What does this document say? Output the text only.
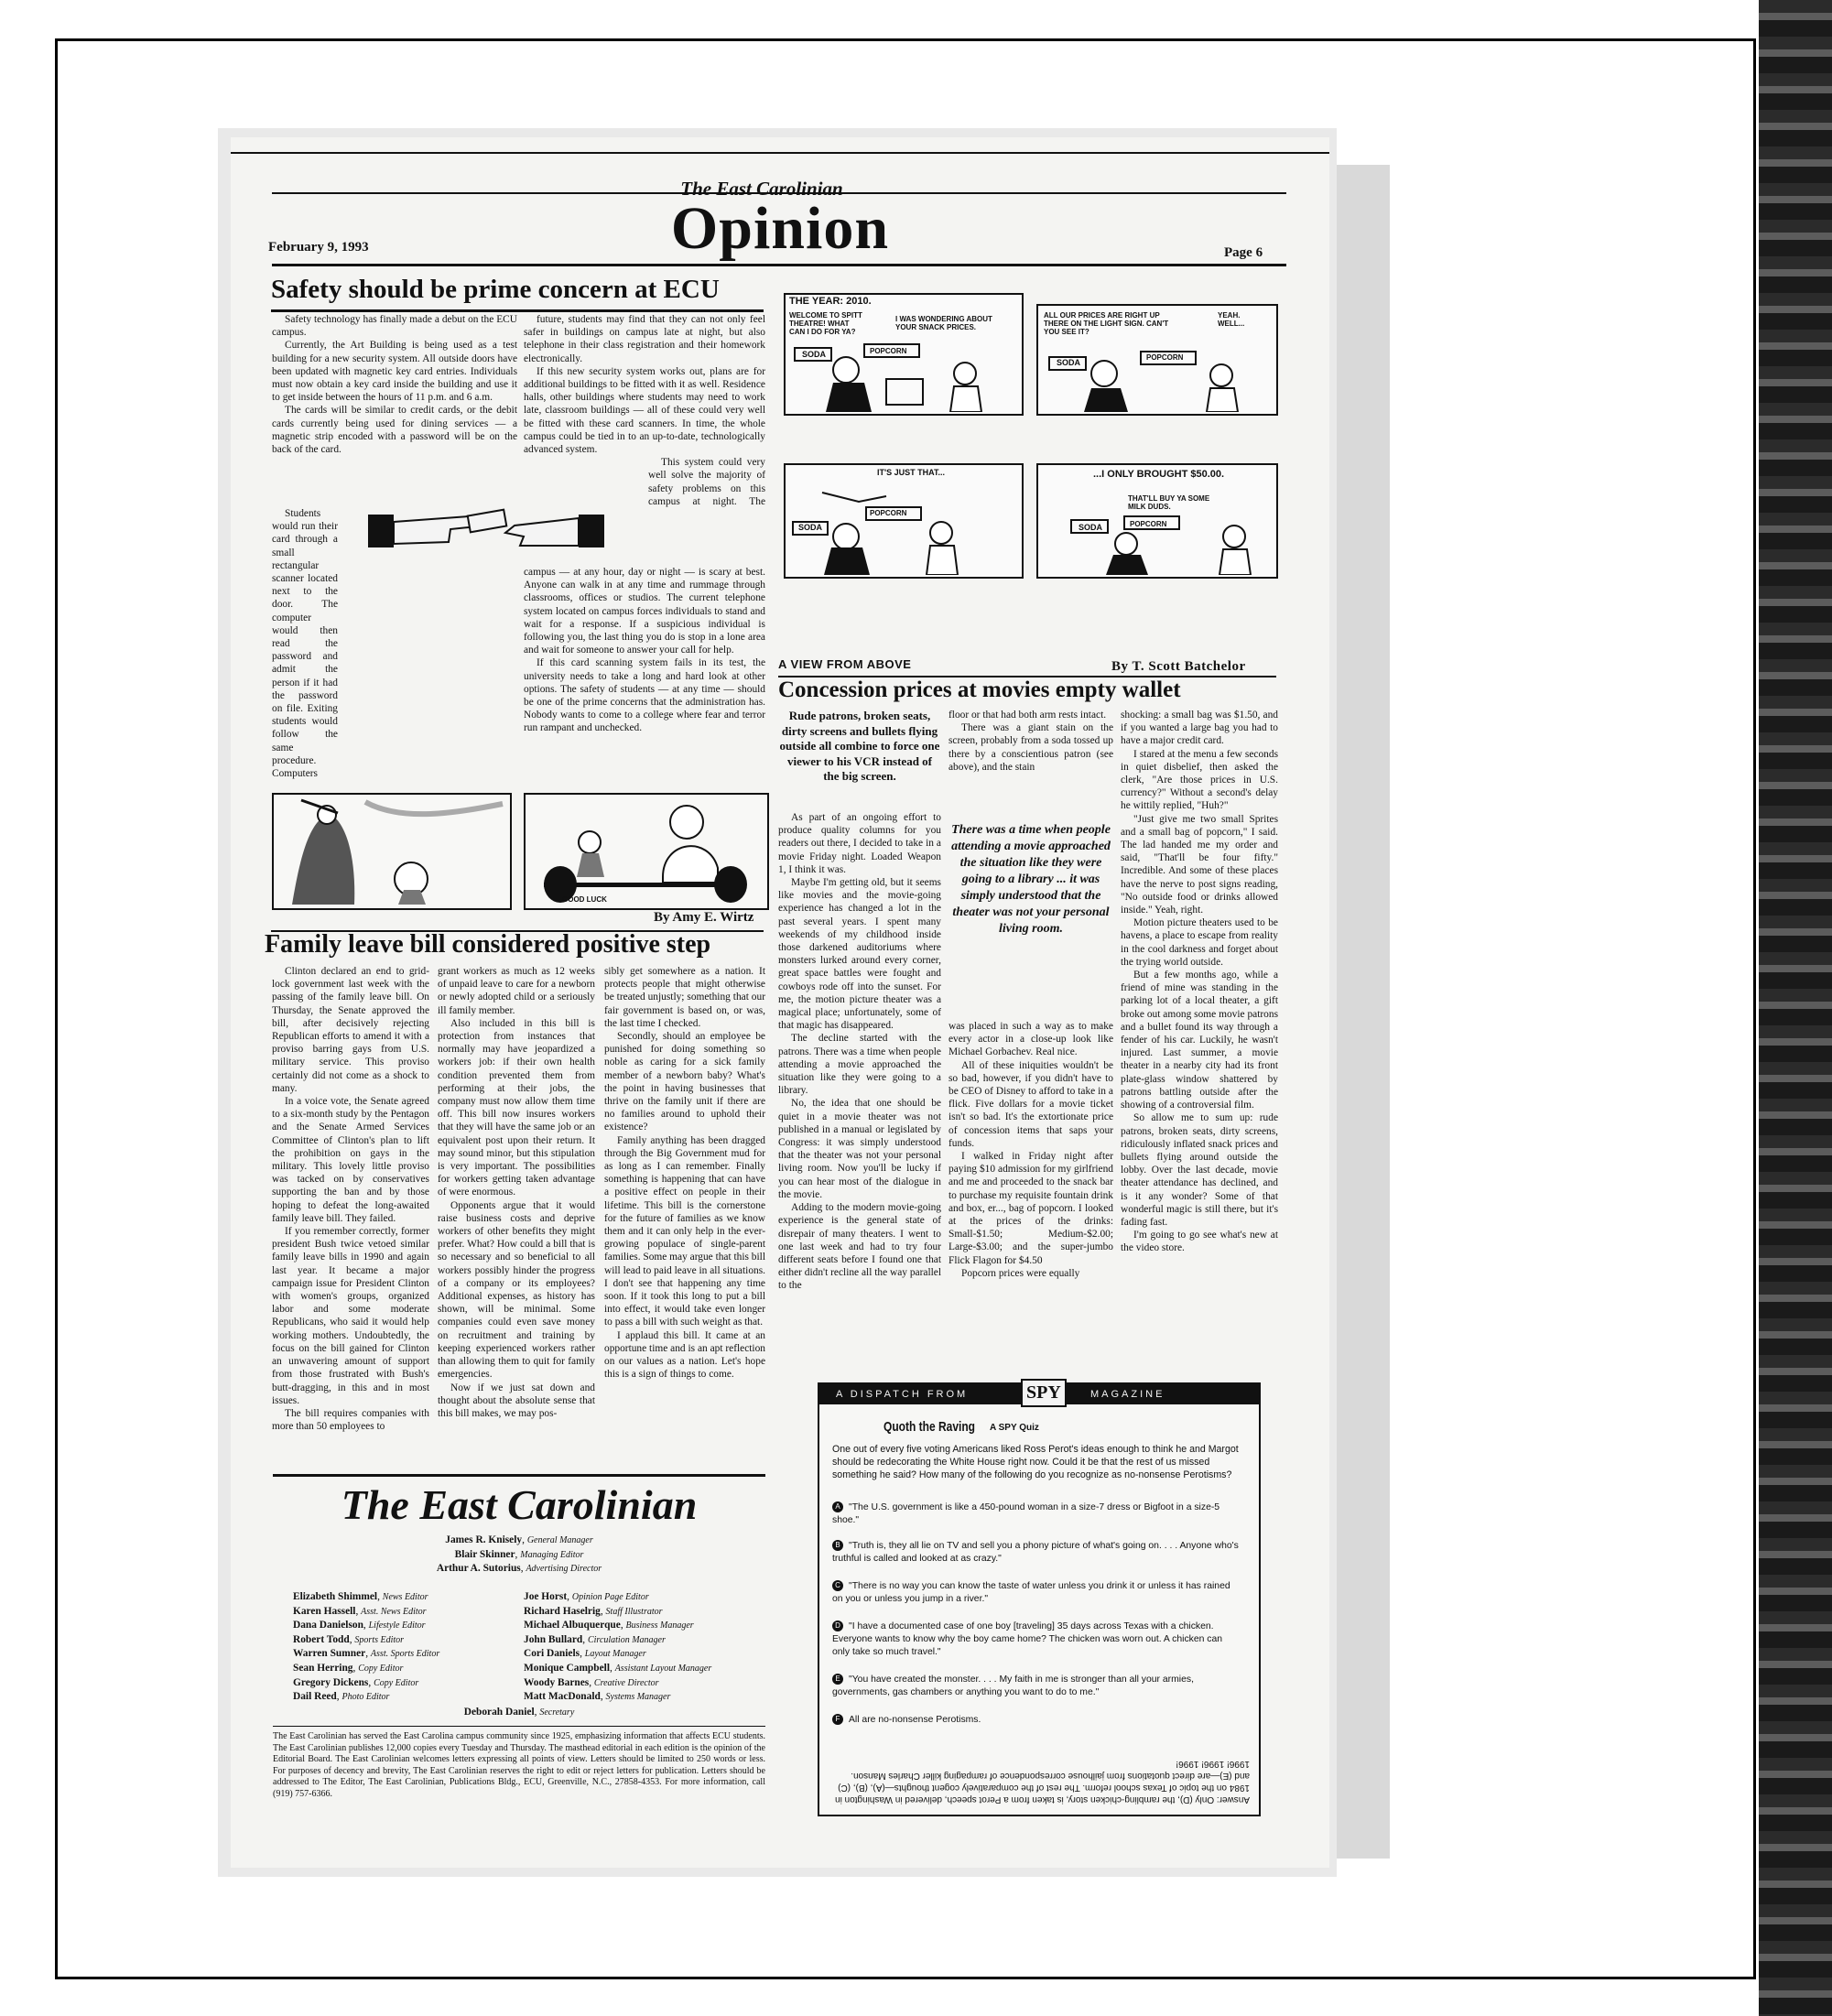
The East Carolinian
Opinion
February 9, 1993	Page 6
Safety should be prime concern at ECU

Safety technology has finally made a debut on the ECU campus.

Currently, the Art Building is being used as a test building for a new security system. All outside doors have been updated with magnetic key card entries. Individuals must now obtain a key card inside the building and use it to get inside between the hours of 11 p.m. and 6 a.m.

The cards will be similar to credit cards, or the debit cards currently being used for dining services — a magnetic strip encoded with a password will be on the back of the card.

Students would run their card through a small rectangular scanner located next to the door. The computer would then read the password and admit the person if it had the password on file. Exiting students would follow the same procedure. Computers

future, students may find that they can not only feel safer in buildings on campus late at night, but also telephone in their class registration and their homework electronically.

If this new security system works out, plans are for additional buildings to be fitted with it as well. Residence halls, other buildings where students may need to work late, classroom buildings — all of these could very well be fitted with these card scanners. In time, the whole campus could be tied in to an up-to-date, technologically advanced system.

This system could very well solve the majority of safety problems on this campus at night. The

campus — at any hour, day or night — is scary at best. Anyone can walk in at any time and rummage through classrooms, offices or studios. The current telephone system located on campus forces individuals to stand and wait for a response. If a suspicious individual is following you, the last thing you do is stop in a lone area and wait for someone to answer your call for help.

If this card scanning system fails in its test, the university needs to take a long and hard look at other options. The safety of students — at any time — should be one of the prime concerns that the administration has. Nobody wants to come to a college where fear and terror run rampant and unchecked.

THE YEAR: 2010.
WELCOME TO SPITT THEATRE! WHAT CAN I DO FOR YA?
I WAS WONDERING ABOUT YOUR SNACK PRICES.
SODA	POPCORN
ALL OUR PRICES ARE RIGHT UP THERE ON THE LIGHT SIGN. CAN'T YOU SEE IT?
YEAH. WELL...
SODA
POPCORN
IT'S JUST THAT...
SODA
POPCORN
...I ONLY BROUGHT $50.00.
THAT'LL BUY YA SOME MILK DUDS.
SODA	POPCORN
GOOD LUCK
By Amy E. Wirtz
Family leave bill considered positive step

Clinton declared an end to grid-lock government last week with the passing of the family leave bill. On Thursday, the Senate approved the bill, after decisively rejecting Republican efforts to amend it with a proviso barring gays from U.S. military service. This proviso certainly did not come as a shock to many.

In a voice vote, the Senate agreed to a six-month study by the Pentagon and the Senate Armed Services Committee of Clinton's plan to lift the prohibition on gays in the military. This lovely little proviso was tacked on by conservatives supporting the ban and by those hoping to defeat the long-awaited family leave bill. They failed.

If you remember correctly, former president Bush twice vetoed similar family leave bills in 1990 and again last year. It became a major campaign issue for President Clinton with women's groups, organized labor and some moderate Republicans, who said it would help working mothers. Undoubtedly, the focus on the bill gained for Clinton an unwavering amount of support from those frustrated with Bush's butt-dragging, in this and in most issues.

The bill requires companies with more than 50 employees to

grant workers as much as 12 weeks of unpaid leave to care for a newborn or newly adopted child or a seriously ill family member.

Also included in this bill is protection from instances that normally may have jeopardized a workers job: if their own health condition prevented them from performing at their jobs, the company must now allow them time off. This bill now insures workers that they will have the same job or an equivalent post upon their return. It may sound minor, but this stipulation is very important. The possibilities for workers getting taken advantage of were enormous.

Opponents argue that it would raise business costs and deprive workers of other benefits they might prefer. What? How could a bill that is so necessary and so beneficial to all workers possibly hinder the progress of a company or its employees? Additional expenses, as history has shown, will be minimal. Some companies could even save money on recruitment and training by keeping experienced workers rather than allowing them to quit for family emergencies.

Now if we just sat down and thought about the absolute sense that this bill makes, we may pos-

sibly get somewhere as a nation. It protects people that might otherwise be treated unjustly; something that our fair government is based on, or was, the last time I checked.

Secondly, should an employee be punished for doing something so noble as caring for a sick family member of a newborn baby? What's the point in having businesses that thrive on the family unit if there are no families around to uphold their existence?

Family anything has been dragged through the Big Government mud for as long as I can remember. Finally something is happening that can have a positive effect on people in their lifetime. This bill is the cornerstone for the future of families as we know them and it can only help in the ever-growing populace of single-parent families. Some may argue that this bill will lead to paid leave in all situations. I don't see that happening any time soon. If it took this long to put a bill into effect, it would take even longer to pass a bill with such weight as that.

I applaud this bill. It came at an opportune time and is an apt reflection on our values as a nation. Let's hope this is a sign of things to come.

A VIEW FROM ABOVE	By T. Scott Batchelor
Concession prices at movies empty wallet
Rude patrons, broken seats, dirty screens and bullets flying outside all combine to force one viewer to his VCR instead of the big screen.

As part of an ongoing effort to produce quality columns for you readers out there, I decided to take in a movie Friday night. Loaded Weapon 1, I think it was.

Maybe I'm getting old, but it seems like movies and the movie-going experience has changed a lot in the past several years. I spent many weekends of my childhood inside those darkened auditoriums where monsters lurked around every corner, great space battles were fought and cowboys rode off into the sunset. For me, the motion picture theater was a magical place; unfortunately, some of that magic has disappeared.

The decline started with the patrons. There was a time when people attending a movie approached the situation like they were going to a library.

No, the idea that one should be quiet in a movie theater was not published in a manual or legislated by Congress: it was simply understood that the theater was not your personal living room. Now you'll be lucky if you can hear most of the dialogue in the movie.

Adding to the modern movie-going experience is the general state of disrepair of many theaters. I went to one last week and had to try four different seats before I found one that either didn't recline all the way parallel to the

floor or that had both arm rests intact.

There was a giant stain on the screen, probably from a soda tossed up there by a conscientious patron (see above), and the stain

There was a time when people attending a movie approached the situation like they were going to a library ... it was simply understood that the theater was not your personal living room.

was placed in such a way as to make every actor in a close-up look like Michael Gorbachev. Real nice.

All of these iniquities wouldn't be so bad, however, if you didn't have to be CEO of Disney to afford to take in a flick. Five dollars for a movie ticket isn't so bad. It's the extortionate price of concession items that saps your funds.

I walked in Friday night after paying $10 admission for my girlfriend and me and proceeded to the snack bar to purchase my requisite fountain drink and box, er..., bag of popcorn. I looked at the prices of the drinks: Small-$1.50; Medium-$2.00; Large-$3.00; and the super-jumbo Flick Flagon for $4.50

Popcorn prices were equally

shocking: a small bag was $1.50, and if you wanted a large bag you had to have a major credit card.

I stared at the menu a few seconds in quiet disbelief, then asked the clerk, "Are those prices in U.S. currency?" Without a second's delay he wittily replied, "Huh?"

"Just give me two small Sprites and a small bag of popcorn," I said. The lad handed me my order and said, "That'll be four fifty." Incredible. And some of these places have the nerve to post signs reading, "No outside food or drinks allowed inside." Yeah, right.

Motion picture theaters used to be havens, a place to escape from reality in the cool darkness and forget about the trying world outside.

But a few months ago, while a friend of mine was standing in the parking lot of a local theater, a gift broke out among some movie patrons and a bullet found its way through a fender of his car. Luckily, he wasn't injured. Last summer, a movie theater in a nearby city had its front plate-glass window shattered by patrons battling outside after the showing of a controversial film.

So allow me to sum up: rude patrons, broken seats, dirty screens, ridiculously inflated snack prices and bullets flying around outside the lobby. Over the last decade, movie theater attendance has declined, and is it any wonder? Some of that wonderful magic is still there, but it's fading fast.

I'm going to go see what's new at the video store.

The East Carolinian
James R. Knisely, General Manager
Blair Skinner, Managing Editor
Arthur A. Sutorius, Advertising Director
Elizabeth Shimmel, News Editor
Karen Hassell, Asst. News Editor
Dana Danielson, Lifestyle Editor
Robert Todd, Sports Editor
Warren Sumner, Asst. Sports Editor
Sean Herring, Copy Editor
Gregory Dickens, Copy Editor
Dail Reed, Photo Editor
Joe Horst, Opinion Page Editor
Richard Haselrig, Staff Illustrator
Michael Albuquerque, Business Manager
John Bullard, Circulation Manager
Cori Daniels, Layout Manager
Monique Campbell, Assistant Layout Manager
Woody Barnes, Creative Director
Matt MacDonald, Systems Manager
Deborah Daniel, Secretary
The East Carolinian has served the East Carolina campus community since 1925, emphasizing information that affects ECU students. The East Carolinian publishes 12,000 copies every Tuesday and Thursday. The masthead editorial in each edition is the opinion of the Editorial Board. The East Carolinian welcomes letters expressing all points of view. Letters should be limited to 250 words or less. For purposes of decency and brevity, The East Carolinian reserves the right to edit or reject letters for publication. Letters should be addressed to The Editor, The East Carolinian, Publications Bldg., ECU, Greenville, N.C., 27858-4353. For more information, call (919) 757-6366.
A DISPATCH FROM	SPY	MAGAZINE
Quoth the Raving A SPY Quiz
One out of every five voting Americans liked Ross Perot's ideas enough to think he and Margot should be redecorating the White House right now. Could it be that the rest of us missed something he said? How many of the following do you recognize as no-nonsense Perotisms?
A "The U.S. government is like a 450-pound woman in a size-7 dress or Bigfoot in a size-5 shoe."
B "Truth is, they all lie on TV and sell you a phony picture of what's going on. . . . Anyone who's truthful is called and looked at as crazy."
C "There is no way you can know the taste of water unless you drink it or unless it has rained on you or unless you jump in a river."
D "I have a documented case of one boy [traveling] 35 days across Texas with a chicken. Everyone wants to know why the boy came home? The chicken was worn out. A chicken can only take so much travel."
E "You have created the monster. . . . My faith in me is stronger than all your armies, governments, gas chambers or anything you want to do to me."
F All are no-nonsense Perotisms.
Answer: Only (D), the rambling-chicken story, is taken from a Perot speech, delivered in Washington in 1984 on the topic of Texas school reform. The rest of the comparatively cogent thoughts—(A), (B), (C) and (E)—are direct quotations from jailhouse correspondence of rampaging killer Charles Manson. 1996! 1996! 1996!
